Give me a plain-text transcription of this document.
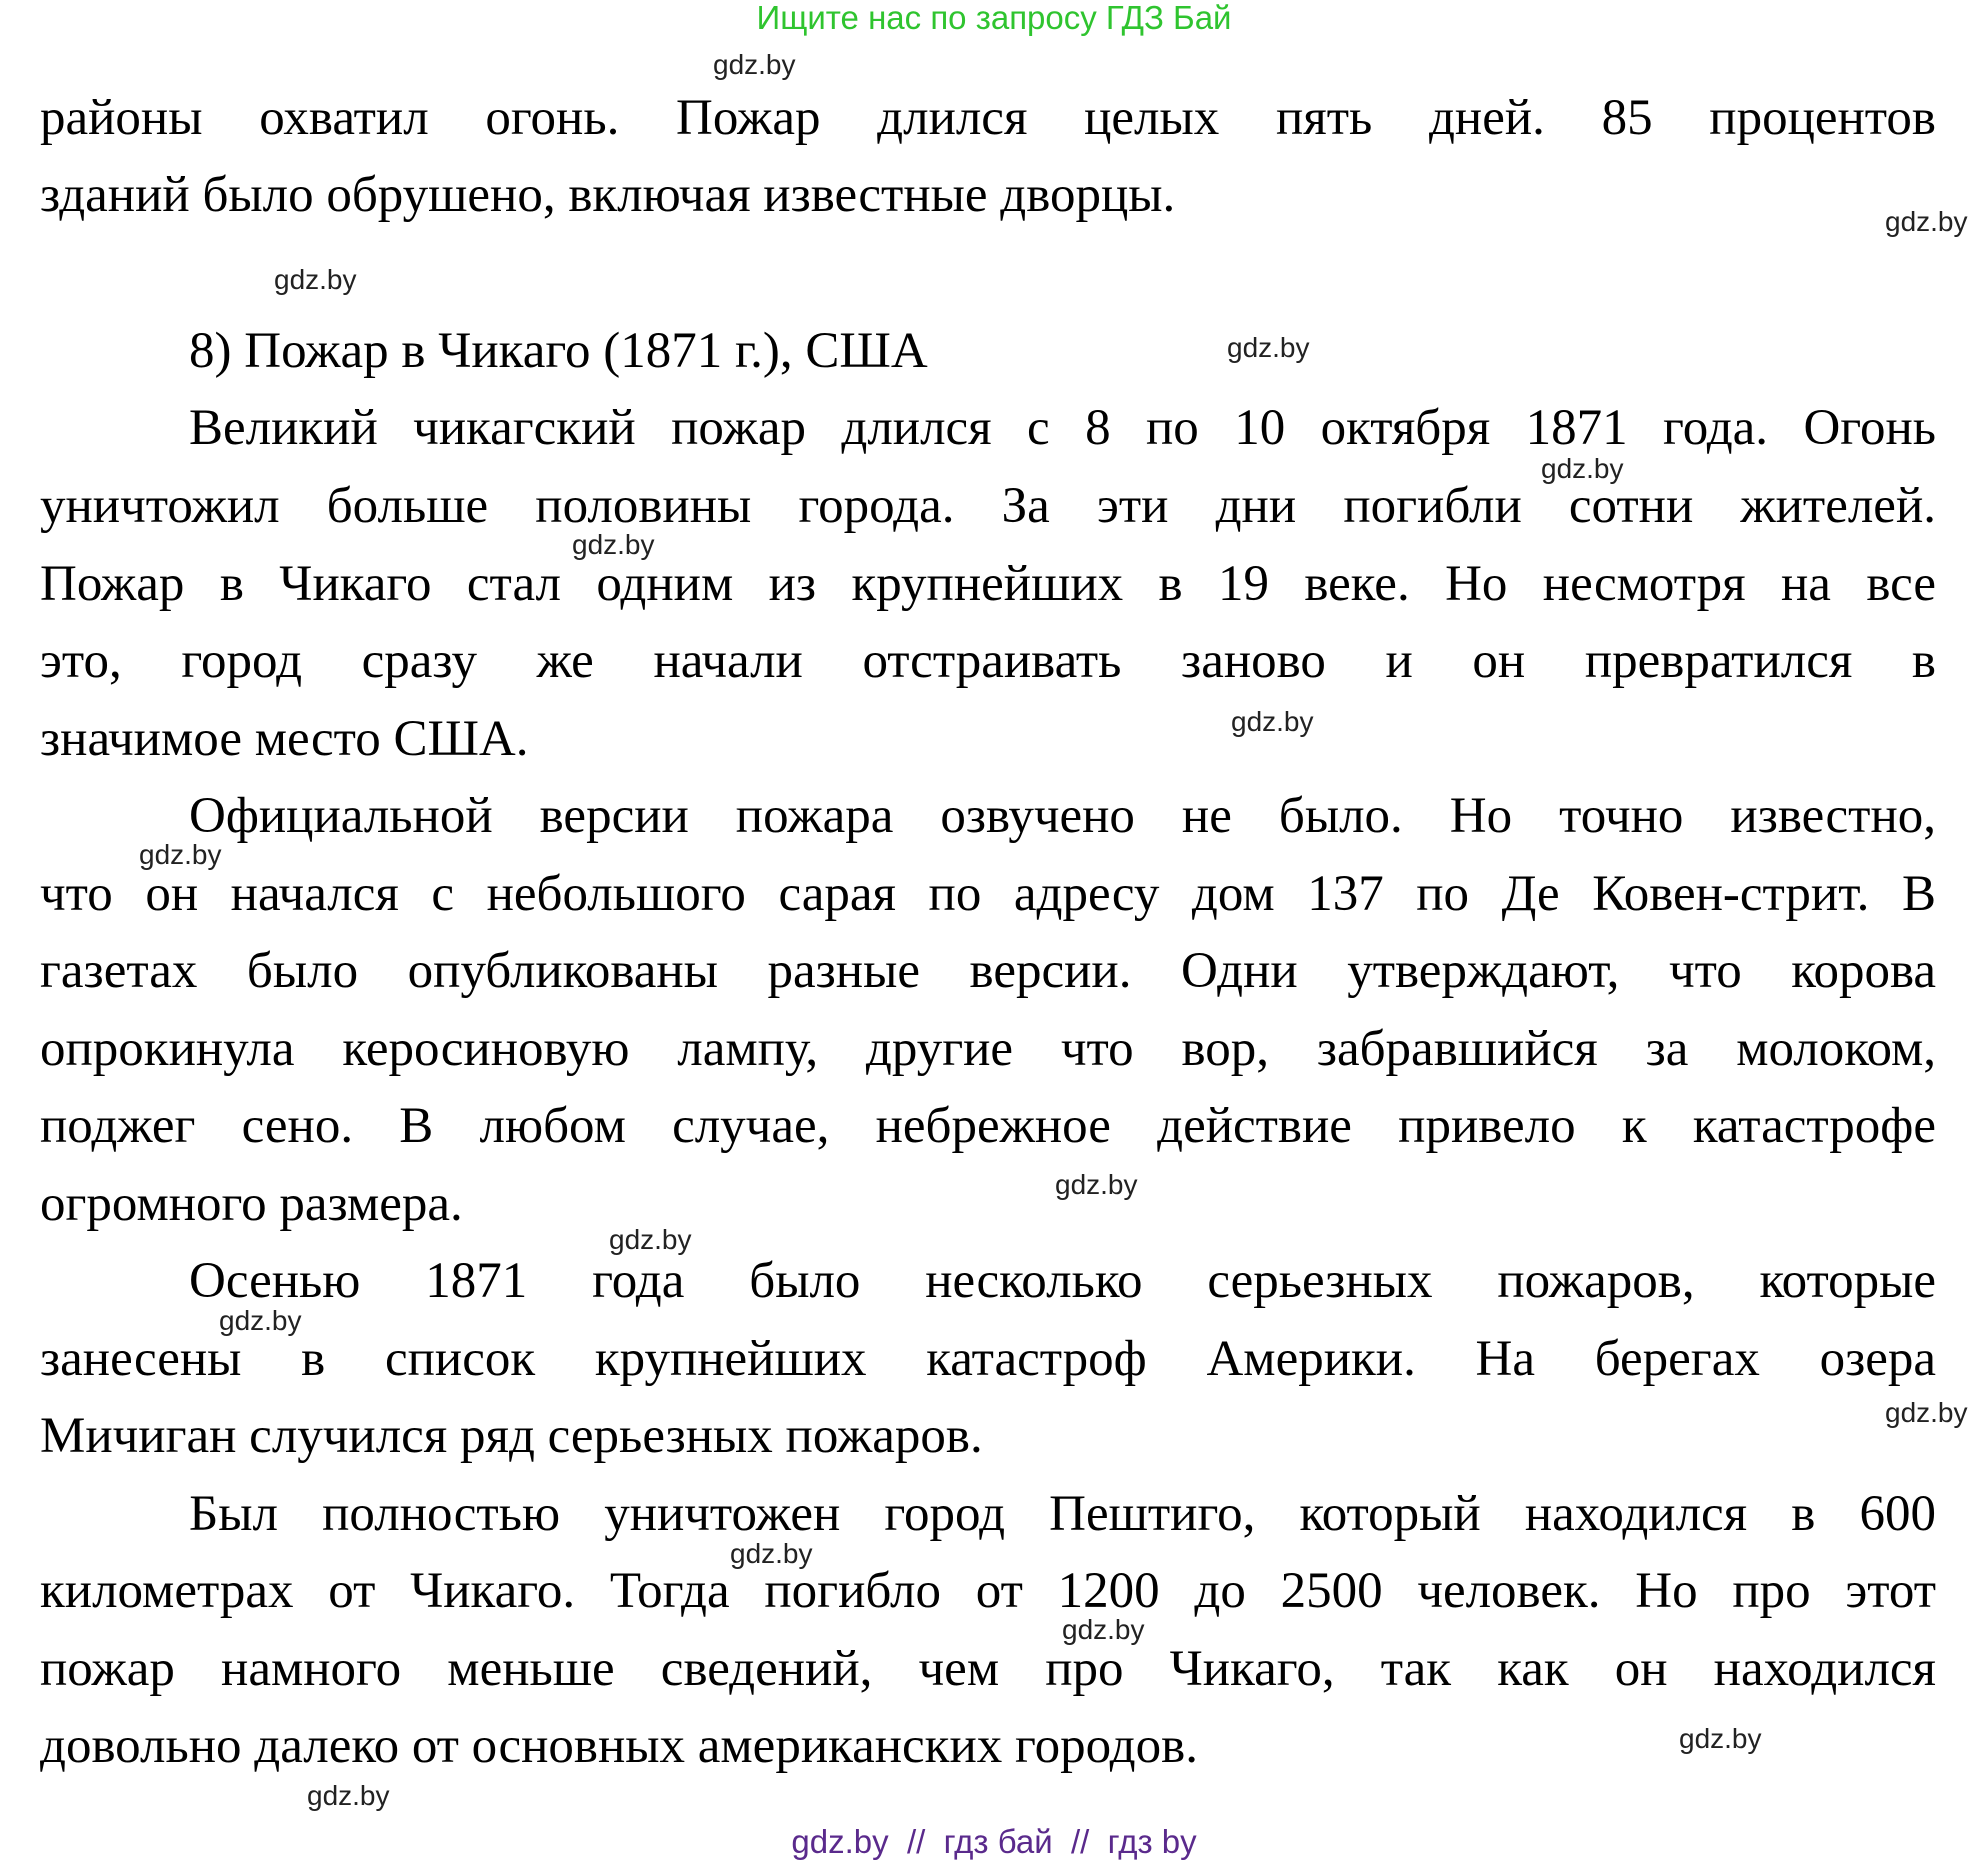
Ищите нас по запросу ГДЗ Бай
районы охватил огонь. Пожар длился целых пять дней. 85 процентов
зданий было обрушено, включая известные дворцы.
8) Пожар в Чикаго (1871 г.), США
Великий чикагский пожар длился с 8 по 10 октября 1871 года. Огонь
уничтожил больше половины города. За эти дни погибли сотни жителей.
Пожар в Чикаго стал одним из крупнейших в 19 веке. Но несмотря на все
это, город сразу же начали отстраивать заново и он превратился в
значимое место США.
Официальной версии пожара озвучено не было. Но точно известно,
что он начался с небольшого сарая по адресу дом 137 по Де Ковен-стрит. В
газетах было опубликованы разные версии. Одни утверждают, что корова
опрокинула керосиновую лампу, другие что вор, забравшийся за молоком,
поджег сено. В любом случае, небрежное действие привело к катастрофе
огромного размера.
Осенью 1871 года было несколько серьезных пожаров, которые
занесены в список крупнейших катастроф Америки. На берегах озера
Мичиган случился ряд серьезных пожаров.
Был полностью уничтожен город Пештиго, который находился в 600
километрах от Чикаго. Тогда погибло от 1200 до 2500 человек. Но про этот
пожар намного меньше сведений, чем про Чикаго, так как он находился
довольно далеко от основных американских городов.
gdz.by
gdz.by
gdz.by
gdz.by
gdz.by
gdz.by
gdz.by
gdz.by
gdz.by
gdz.by
gdz.by
gdz.by
gdz.by
gdz.by
gdz.by
gdz.by
gdz.by  //  гдз бай  //  гдз by
